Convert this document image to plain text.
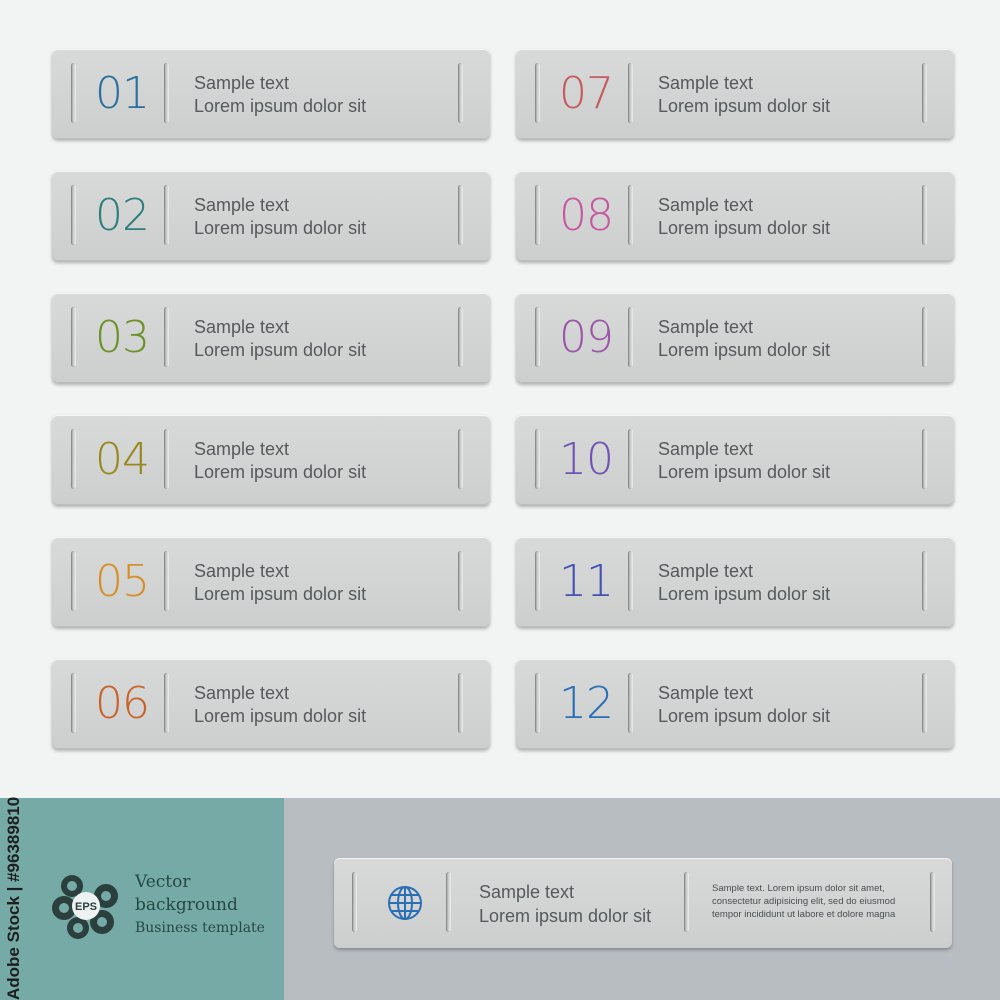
01	Sample text
Lorem ipsum dolor sit
02	Sample text
Lorem ipsum dolor sit
03	Sample text
Lorem ipsum dolor sit
04	Sample text
Lorem ipsum dolor sit
05	Sample text
Lorem ipsum dolor sit
06	Sample text
Lorem ipsum dolor sit
07	Sample text
Lorem ipsum dolor sit
08	Sample text
Lorem ipsum dolor sit
09	Sample text
Lorem ipsum dolor sit
10	Sample text
Lorem ipsum dolor sit
11	Sample text
Lorem ipsum dolor sit
12	Sample text
Lorem ipsum dolor sit
Adobe Stock | #96389810	EPS
Vector
background
Business template
Sample text
Lorem ipsum dolor sit
Sample text. Lorem ipsum dolor sit amet, consectetur adipisicing elit, sed do eiusmod tempor incididunt ut labore et dolore magna
